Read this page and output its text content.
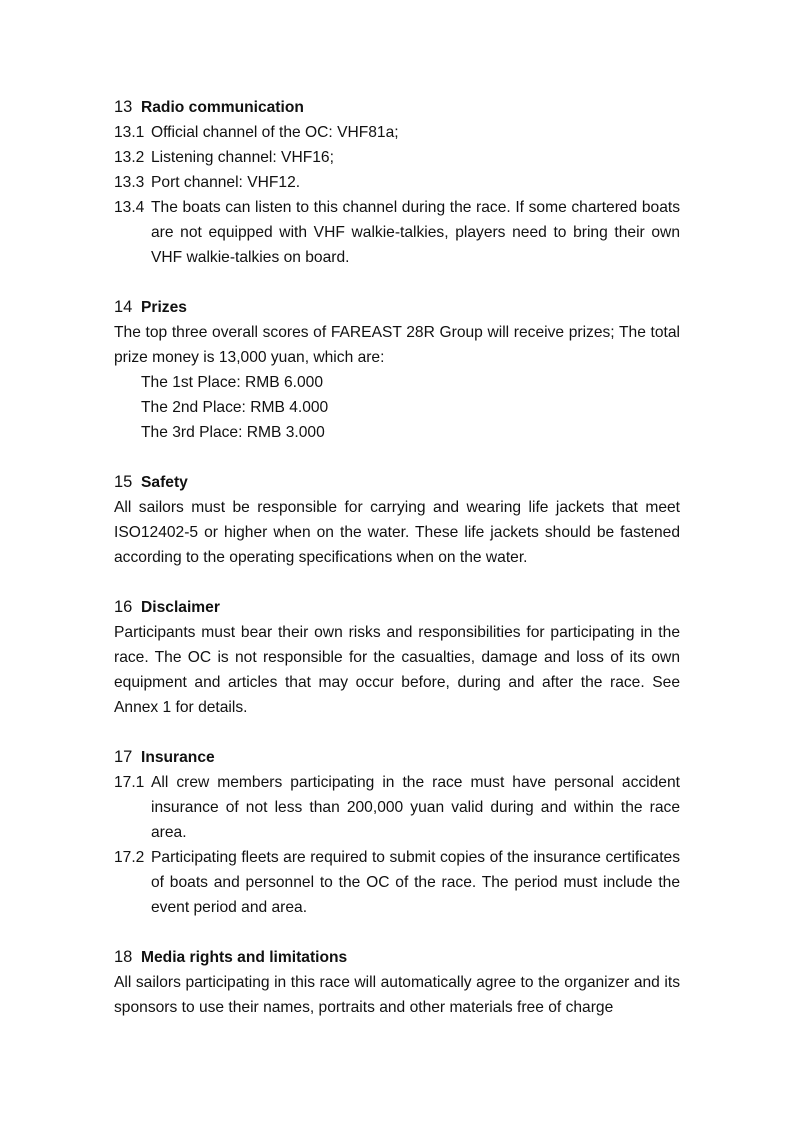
13 Radio communication
13.1 Official channel of the OC: VHF81a;
13.2 Listening channel: VHF16;
13.3 Port channel: VHF12.
13.4 The boats can listen to this channel during the race. If some chartered boats are not equipped with VHF walkie-talkies, players need to bring their own VHF walkie-talkies on board.
14 Prizes
The top three overall scores of FAREAST 28R Group will receive prizes; The total prize money is 13,000 yuan, which are:
The 1st Place: RMB 6.000
The 2nd Place: RMB 4.000
The 3rd Place: RMB 3.000
15 Safety
All sailors must be responsible for carrying and wearing life jackets that meet ISO12402-5 or higher when on the water. These life jackets should be fastened according to the operating specifications when on the water.
16 Disclaimer
Participants must bear their own risks and responsibilities for participating in the race. The OC is not responsible for the casualties, damage and loss of its own equipment and articles that may occur before, during and after the race. See Annex 1 for details.
17 Insurance
17.1 All crew members participating in the race must have personal accident insurance of not less than 200,000 yuan valid during and within the race area.
17.2 Participating fleets are required to submit copies of the insurance certificates of boats and personnel to the OC of the race. The period must include the event period and area.
18 Media rights and limitations
All sailors participating in this race will automatically agree to the organizer and its sponsors to use their names, portraits and other materials free of charge
